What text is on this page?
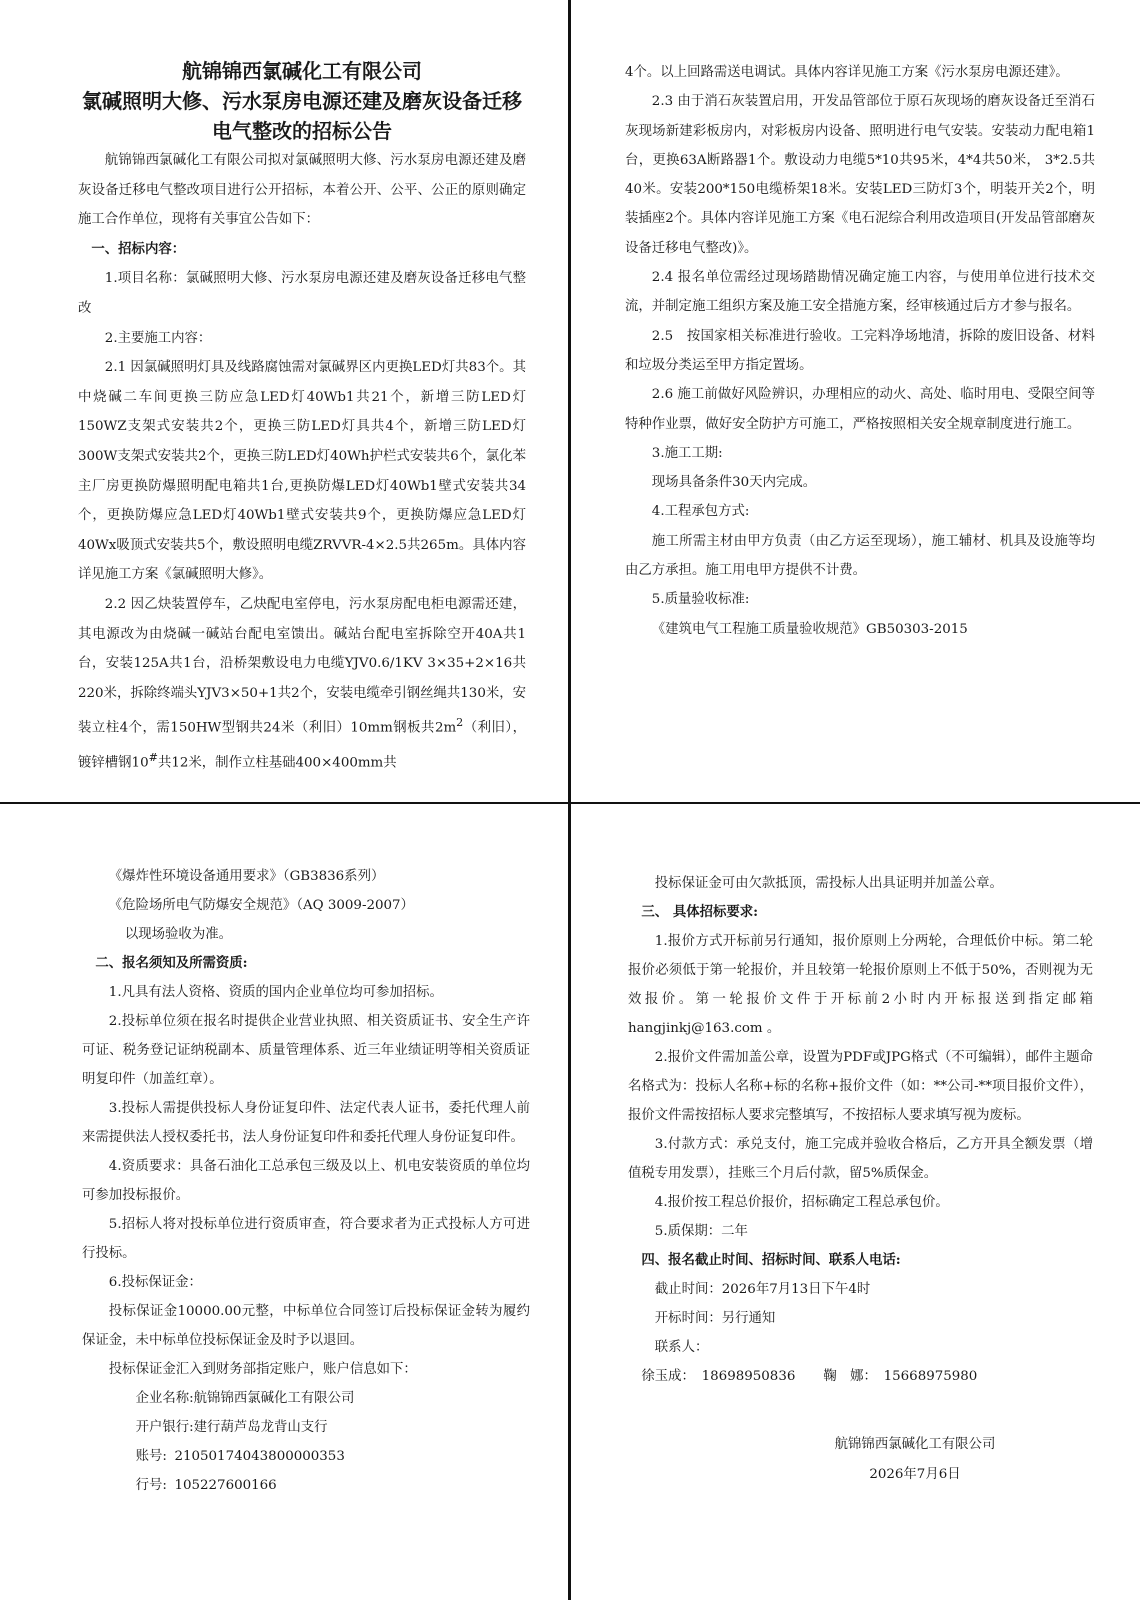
航锦锦西氯碱化工有限公司

氯碱照明大修、污水泵房电源还建及磨灰设备迁移

电气整改的招标公告

航锦锦西氯碱化工有限公司拟对氯碱照明大修、污水泵房电源还建及磨灰设备迁移电气整改项目进行公开招标，本着公开、公平、公正的原则确定施工合作单位，现将有关事宜公告如下：

一、招标内容：

1.项目名称：氯碱照明大修、污水泵房电源还建及磨灰设备迁移电气整改

2.主要施工内容：

2.1 因氯碱照明灯具及线路腐蚀需对氯碱界区内更换LED灯共83个。其中烧碱二车间更换三防应急LED灯40Wb1共21个，新增三防LED灯150WZ支架式安装共2个，更换三防LED灯具共4个，新增三防LED灯300W支架式安装共2个，更换三防LED灯40Wh护栏式安装共6个，氯化苯主厂房更换防爆照明配电箱共1台,更换防爆LED灯40Wb1壁式安装共34个，更换防爆应急LED灯40Wb1壁式安装共9个，更换防爆应急LED灯40Wx吸顶式安装共5个，敷设照明电缆ZRVVR-4×2.5共265m。具体内容详见施工方案《氯碱照明大修》。

2.2 因乙炔装置停车，乙炔配电室停电，污水泵房配电柜电源需还建，其电源改为由烧碱一碱站台配电室馈出。碱站台配电室拆除空开40A共1台，安装125A共1台，沿桥架敷设电力电缆YJV0.6/1KV 3×35+2×16共220米，拆除终端头YJV3×50+1共2个，安装电缆牵引钢丝绳共130米，安装立柱4个，需150HW型钢共24米（利旧）10mm钢板共$2m^2$（利旧），镀锌槽钢10#共12米，制作立柱基础400×400mm共

4个。以上回路需送电调试。具体内容详见施工方案《污水泵房电源还建》。

2.3 由于消石灰装置启用，开发品管部位于原石灰现场的磨灰设备迁至消石灰现场新建彩板房内，对彩板房内设备、照明进行电气安装。安装动力配电箱1台，更换63A断路器1个。敷设动力电缆5*10共95米，4*4共50米， 3*2.5共40米。安装200*150电缆桥架18米。安装LED三防灯3个，明装开关2个，明装插座2个。具体内容详见施工方案《电石泥综合利用改造项目(开发品管部磨灰设备迁移电气整改)》。

2.4 报名单位需经过现场踏勘情况确定施工内容，与使用单位进行技术交流，并制定施工组织方案及施工安全措施方案，经审核通过后方才参与报名。

2.5　按国家相关标准进行验收。工完料净场地清，拆除的废旧设备、材料和垃圾分类运至甲方指定置场。

2.6 施工前做好风险辨识，办理相应的动火、高处、临时用电、受限空间等特种作业票，做好安全防护方可施工，严格按照相关安全规章制度进行施工。

3.施工工期:

现场具备条件30天内完成。

4.工程承包方式:

施工所需主材由甲方负责（由乙方运至现场），施工辅材、机具及设施等均由乙方承担。施工用电甲方提供不计费。

5.质量验收标准:

《建筑电气工程施工质量验收规范》GB50303-2015

《爆炸性环境设备通用要求》（GB3836系列）

《危险场所电气防爆安全规范》（AQ 3009-2007）

以现场验收为准。

二、报名须知及所需资质:

1.凡具有法人资格、资质的国内企业单位均可参加招标。

2.投标单位须在报名时提供企业营业执照、相关资质证书、安全生产许可证、税务登记证纳税副本、质量管理体系、近三年业绩证明等相关资质证明复印件（加盖红章）。

3.投标人需提供投标人身份证复印件、法定代表人证书，委托代理人前来需提供法人授权委托书，法人身份证复印件和委托代理人身份证复印件。

4.资质要求：具备石油化工总承包三级及以上、机电安装资质的单位均可参加投标报价。

5.招标人将对投标单位进行资质审查，符合要求者为正式投标人方可进行投标。

6.投标保证金：

投标保证金10000.00元整，中标单位合同签订后投标保证金转为履约保证金，未中标单位投标保证金及时予以退回。

投标保证金汇入到财务部指定账户，账户信息如下：

企业名称:航锦锦西氯碱化工有限公司

开户银行:建行葫芦岛龙背山支行

账号: 21050174043800000353

行号: 105227600166

投标保证金可由欠款抵顶，需投标人出具证明并加盖公章。

三、 具体招标要求:

1.报价方式开标前另行通知，报价原则上分两轮，合理低价中标。第二轮报价必须低于第一轮报价，并且较第一轮报价原则上不低于50%，否则视为无效报价。第一轮报价文件于开标前2小时内开标报送到指定邮箱 hangjinkj@163.com 。

2.报价文件需加盖公章，设置为PDF或JPG格式（不可编辑），邮件主题命名格式为：投标人名称+标的名称+报价文件（如：**公司-**项目报价文件），报价文件需按招标人要求完整填写，不按招标人要求填写视为废标。

3.付款方式：承兑支付，施工完成并验收合格后，乙方开具全额发票（增值税专用发票），挂账三个月后付款，留5%质保金。

4.报价按工程总价报价，招标确定工程总承包价。

5.质保期：二年

四、报名截止时间、招标时间、联系人电话:

截止时间：2026年7月13日下午4时

开标时间：另行通知

联系人：

徐玉成：　18698950836 鞠　娜：　15668975980

航锦锦西氯碱化工有限公司
2026年7月6日
